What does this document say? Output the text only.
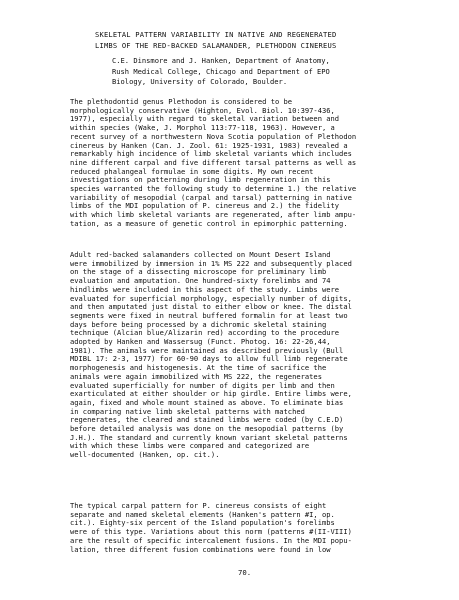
SKELETAL PATTERN VARIABILITY IN NATIVE AND REGENERATED
LIMBS OF THE RED-BACKED SALAMANDER, PLETHODON CINEREUS
C.E. Dinsmore and J. Hanken, Department of Anatomy,
Rush Medical College, Chicago and Department of EPO
Biology, University of Colorado, Boulder.
The plethodontid genus Plethodon is considered to be
morphologically conservative (Highton, Evol. Biol. 10:397-436,
1977), especially with regard to skeletal variation between and
within species (Wake, J. Morphol 113:77-118, 1963). However, a
recent survey of a northwestern Nova Scotia population of Plethodon
cinereus by Hanken (Can. J. Zool. 61: 1925-1931, 1983) revealed a
remarkably high incidence of limb skeletal variants which includes
nine different carpal and five different tarsal patterns as well as
reduced phalangeal formulae in some digits. My own recent
investigations on patterning during limb regeneration in this
species warranted the following study to determine 1.) the relative
variability of mesopodial (carpal and tarsal) patterning in native
limbs of the MDI population of P. cinereus and 2.) the fidelity
with which limb skeletal variants are regenerated, after limb ampu-
tation, as a measure of genetic control in epimorphic patterning.
Adult red-backed salamanders collected on Mount Desert Island
were immobilized by immersion in 1% MS 222 and subsequently placed
on the stage of a dissecting microscope for preliminary limb
evaluation and amputation. One hundred-sixty forelimbs and 74
hindlimbs were included in this aspect of the study. Limbs were
evaluated for superficial morphology, especially number of digits,
and then amputated just distal to either elbow or knee. The distal
segments were fixed in neutral buffered formalin for at least two
days before being processed by a dichromic skeletal staining
technique (Alcian blue/Alizarin red) according to the procedure
adopted by Hanken and Wassersug (Funct. Photog. 16: 22-26,44,
1981). The animals were maintained as described previously (Bull
MDIBL 17: 2-3, 1977) for 60-90 days to allow full limb regenerate
morphogenesis and histogenesis. At the time of sacrifice the
animals were again immobilized with MS 222, the regenerates
evaluated superficially for number of digits per limb and then
exarticulated at either shoulder or hip girdle. Entire limbs were,
again, fixed and whole mount stained as above. To eliminate bias
in comparing native limb skeletal patterns with matched
regenerates, the cleared and stained limbs were coded (by C.E.D)
before detailed analysis was done on the mesopodial patterns (by
J.H.). The standard and currently known variant skeletal patterns
with which these limbs were compared and categorized are
well-documented (Hanken, op. cit.).
The typical carpal pattern for P. cinereus consists of eight
separate and named skeletal elements (Hanken's pattern #I, op.
cit.). Eighty-six percent of the Island population's forelimbs
were of this type. Variations about this norm (patterns #(II-VIII)
are the result of specific intercalement fusions. In the MDI popu-
lation, three different fusion combinations were found in low
70.
